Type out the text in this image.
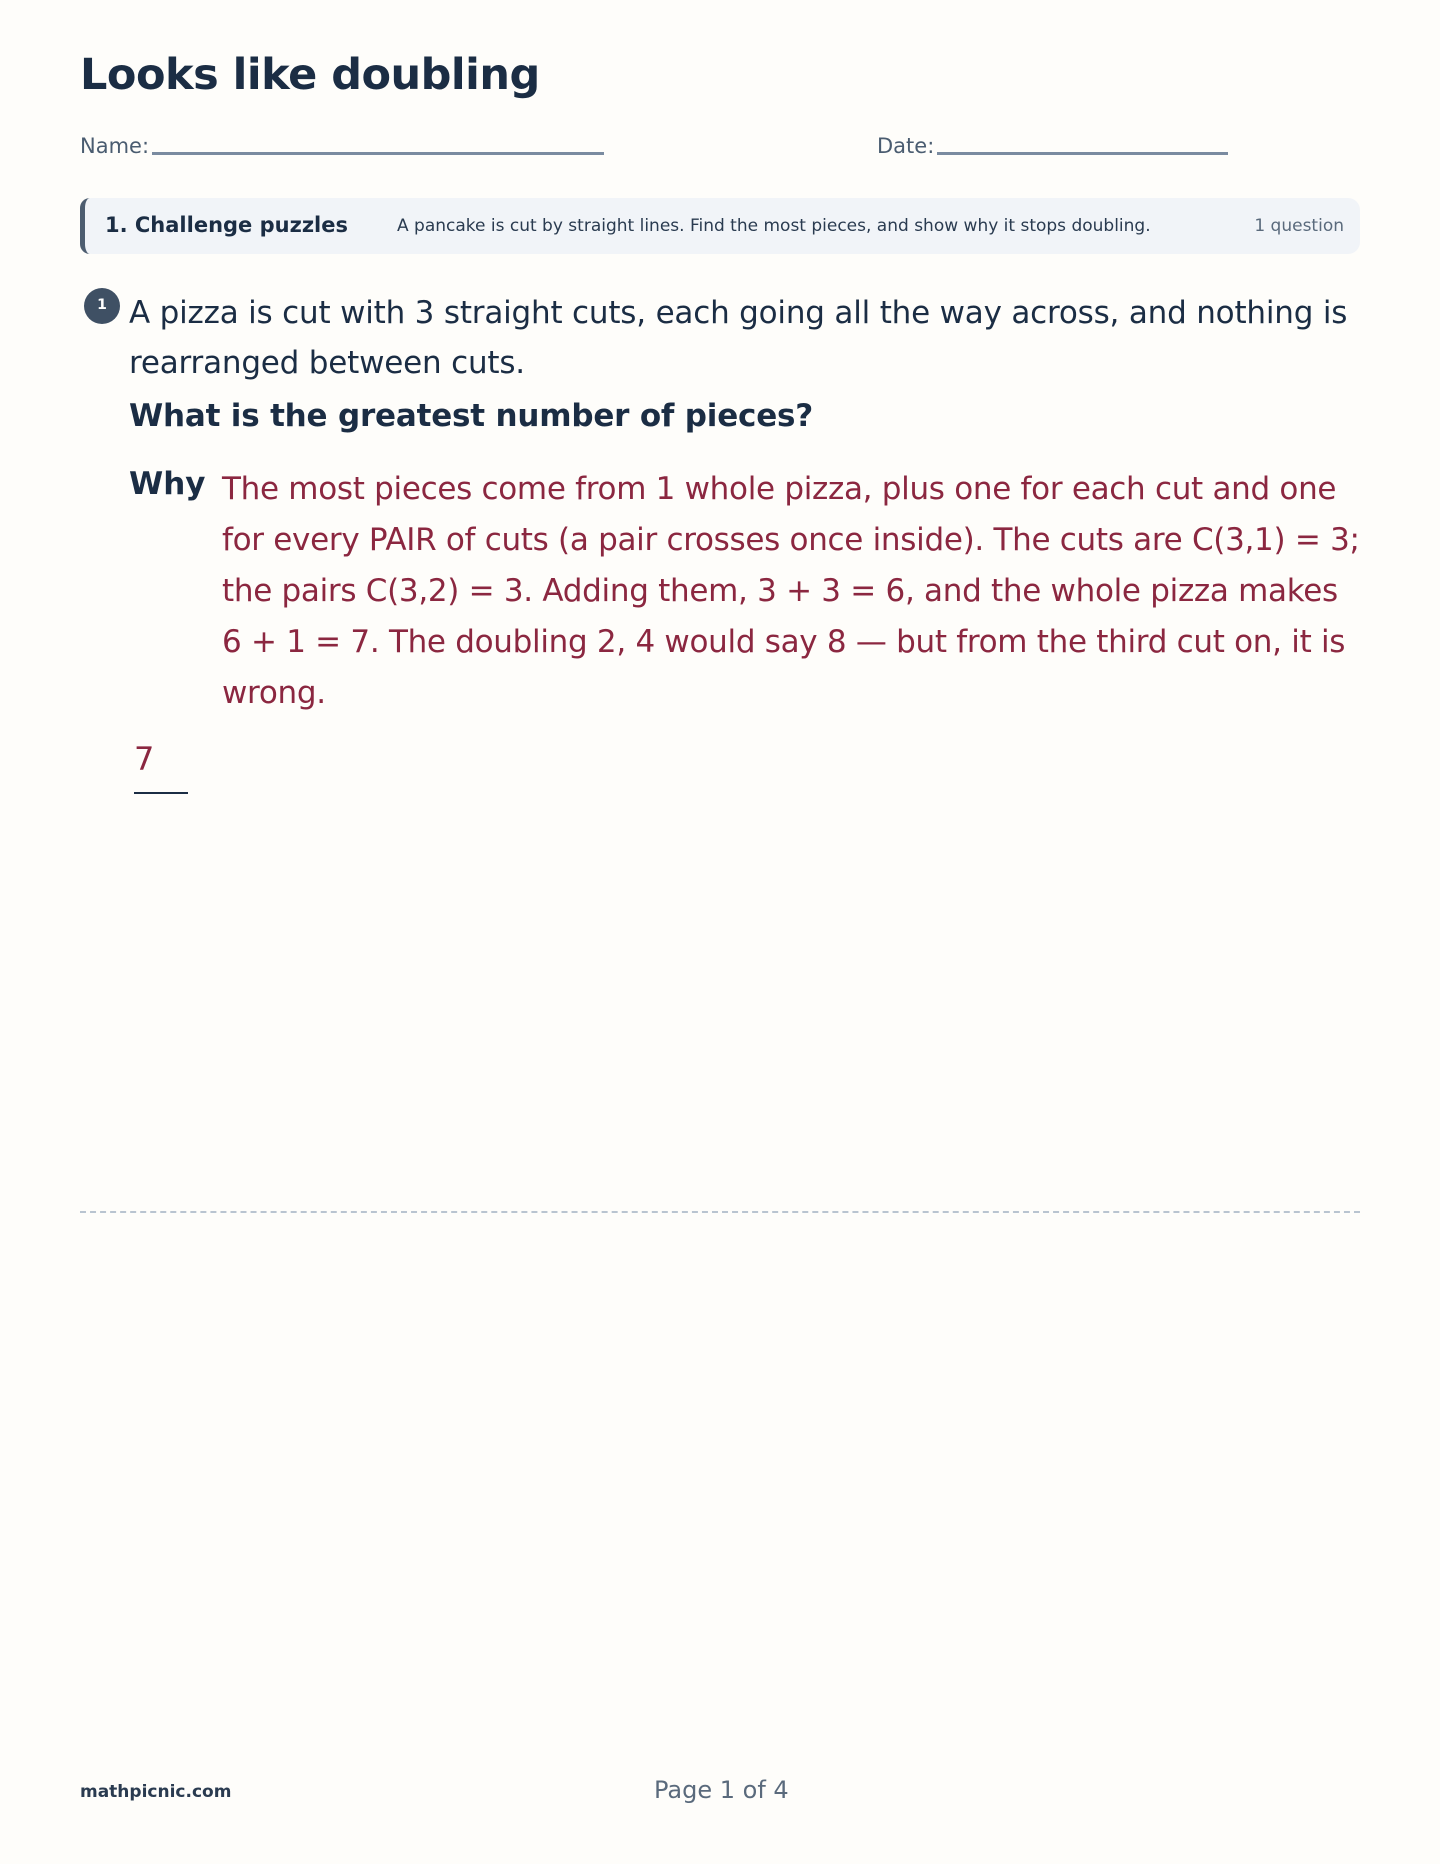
Looks like doubling
Name:	Date:
1. Challenge puzzles	A pancake is cut by straight lines. Find the most pieces, and show why it stops doubling.	1 question
1 A pizza is cut with 3 straight cuts, each going all the way across, and nothing is rearranged between cuts.

What is the greatest number of pieces?

Why The most pieces come from 1 whole pizza, plus one for each cut and one for every PAIR of cuts (a pair crosses once inside). The cuts are C(3,1) = 3; the pairs C(3,2) = 3. Adding them, 3 + 3 = 6, and the whole pizza makes 6 + 1 = 7. The doubling 2, 4 would say 8 — but from the third cut on, it is wrong.

7
mathpicnic.com	Page 1 of 4
